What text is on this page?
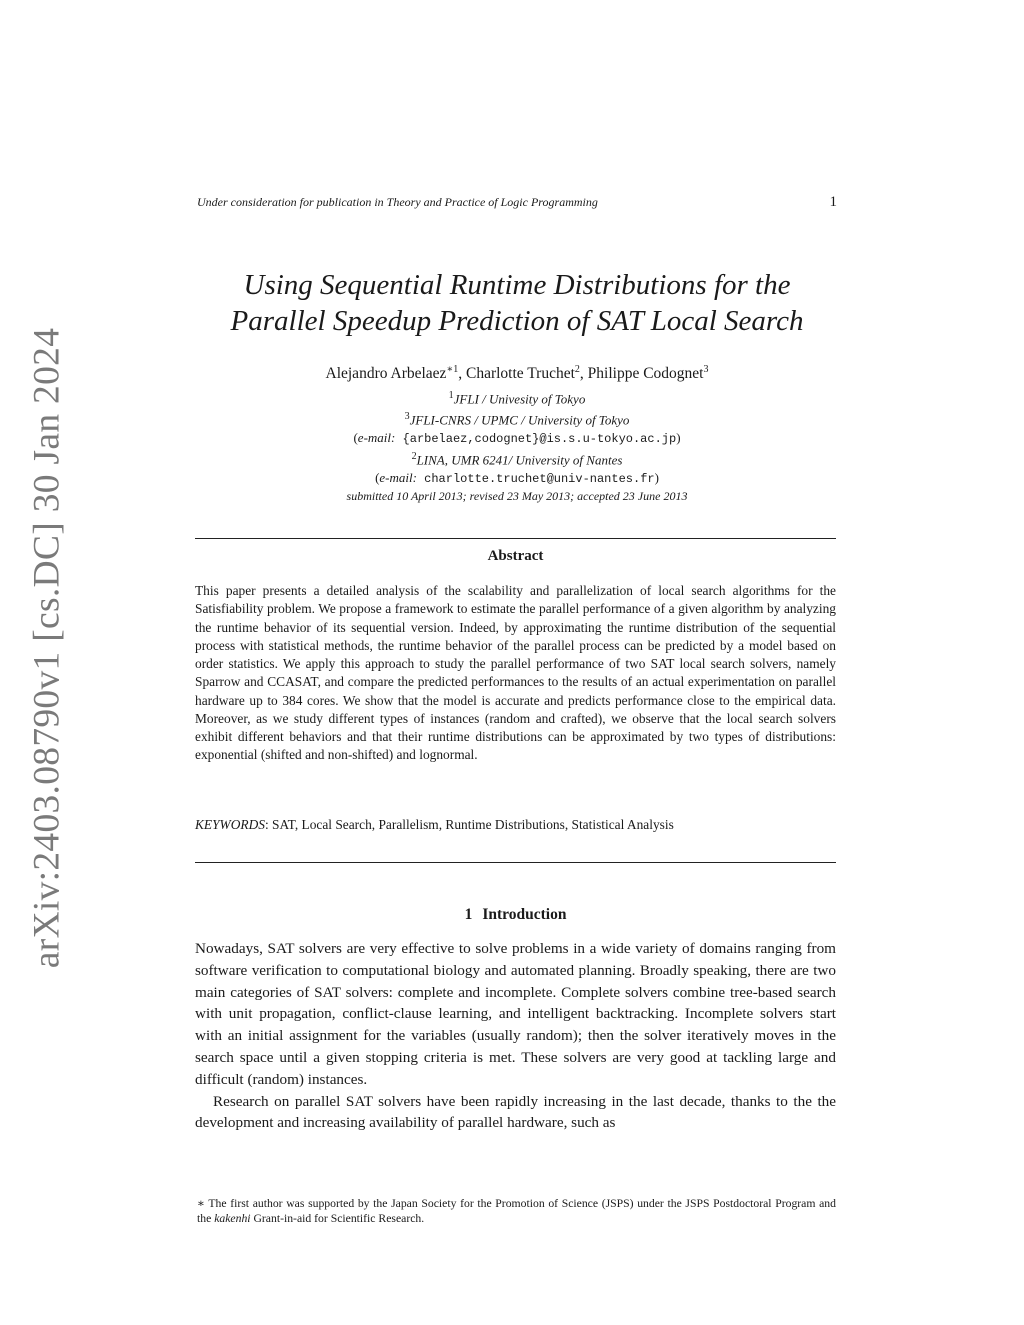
arXiv:2403.08790v1 [cs.DC] 30 Jan 2024
Under consideration for publication in Theory and Practice of Logic Programming	1
Using Sequential Runtime Distributions for the
Parallel Speedup Prediction of SAT Local Search
Alejandro Arbelaez$^{∗1}$, Charlotte Truchet$^2$, Philippe Codognet$^3$
$^1$JFLI / Univesity of Tokyo
$^3$JFLI-CNRS / UPMC / University of Tokyo
(e-mail: {arbelaez,codognet}@is.s.u-tokyo.ac.jp)
$^2$LINA, UMR 6241/ University of Nantes
(e-mail: charlotte.truchet@univ-nantes.fr)
submitted 10 April 2013; revised 23 May 2013; accepted 23 June 2013
Abstract
This paper presents a detailed analysis of the scalability and parallelization of local search algorithms for the Satisfiability problem. We propose a framework to estimate the parallel performance of a given algorithm by analyzing the runtime behavior of its sequential version. Indeed, by approximating the runtime distribution of the sequential process with statistical methods, the runtime behavior of the parallel process can be predicted by a model based on order statistics. We apply this approach to study the parallel performance of two SAT local search solvers, namely Sparrow and CCASAT, and compare the predicted performances to the results of an actual experimentation on parallel hardware up to 384 cores. We show that the model is accurate and predicts performance close to the empirical data. Moreover, as we study different types of instances (random and crafted), we observe that the local search solvers exhibit different behaviors and that their runtime distributions can be approximated by two types of distributions: exponential (shifted and non-shifted) and lognormal.
KEYWORDS: SAT, Local Search, Parallelism, Runtime Distributions, Statistical Analysis
1 Introduction

Nowadays, SAT solvers are very effective to solve problems in a wide variety of domains ranging from software verification to computational biology and automated planning. Broadly speaking, there are two main categories of SAT solvers: complete and incomplete. Complete solvers combine tree-based search with unit propagation, conflict-clause learning, and intelligent backtracking. Incomplete solvers start with an initial assignment for the variables (usually random); then the solver iteratively moves in the search space until a given stopping criteria is met. These solvers are very good at tackling large and difficult (random) instances.

Research on parallel SAT solvers have been rapidly increasing in the last decade, thanks to the the development and increasing availability of parallel hardware, such as

∗ The first author was supported by the Japan Society for the Promotion of Science (JSPS) under the JSPS Postdoctoral Program and the kakenhi Grant-in-aid for Scientific Research.
